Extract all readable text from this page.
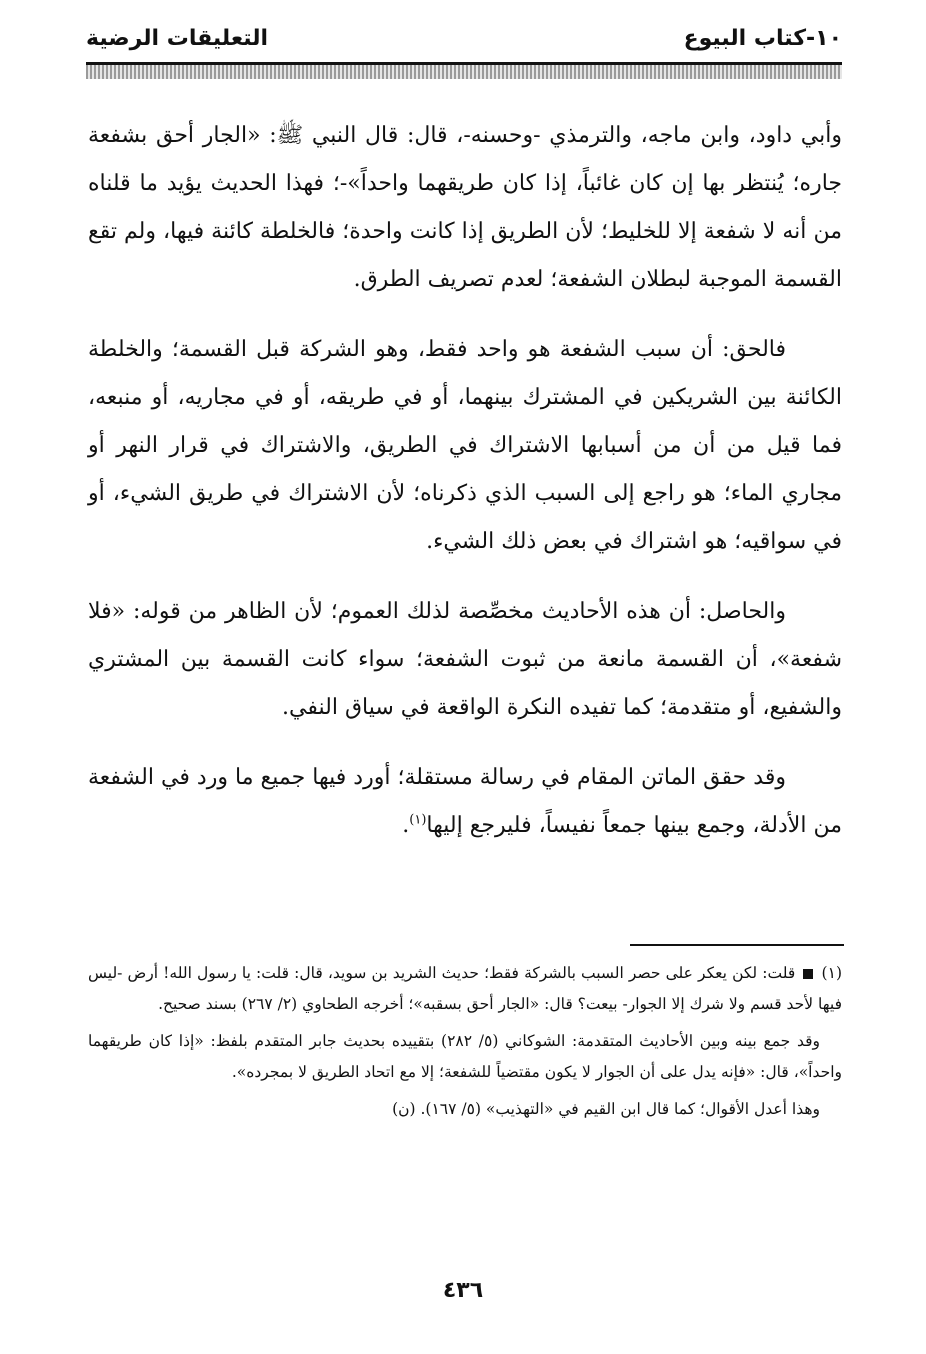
١٠-كتاب البيوع
التعليقات الرضية

وأبي داود، وابن ماجه، والترمذي -وحسنه-، قال: قال النبي ﷺ: «الجار أحق بشفعة جاره؛ يُنتظر بها إن كان غائباً، إذا كان طريقهما واحداً»-؛ فهذا الحديث يؤيد ما قلناه من أنه لا شفعة إلا للخليط؛ لأن الطريق إذا كانت واحدة؛ فالخلطة كائنة فيها، ولم تقع القسمة الموجبة لبطلان الشفعة؛ لعدم تصريف الطرق.

فالحق: أن سبب الشفعة هو واحد فقط، وهو الشركة قبل القسمة؛ والخلطة الكائنة بين الشريكين في المشترك بينهما، أو في طريقه، أو في مجاريه، أو منبعه، فما قيل من أن من أسبابها الاشتراك في الطريق، والاشتراك في قرار النهر أو مجاري الماء؛ هو راجع إلى السبب الذي ذكرناه؛ لأن الاشتراك في طريق الشيء، أو في سواقيه؛ هو اشتراك في بعض ذلك الشيء.

والحاصل: أن هذه الأحاديث مخصِّصة لذلك العموم؛ لأن الظاهر من قوله: «فلا شفعة»، أن القسمة مانعة من ثبوت الشفعة؛ سواء كانت القسمة بين المشتري والشفيع، أو متقدمة؛ كما تفيده النكرة الواقعة في سياق النفي.

وقد حقق الماتن المقام في رسالة مستقلة؛ أورد فيها جميع ما ورد في الشفعة من الأدلة، وجمع بينها جمعاً نفيساً، فليرجع إليها$^{(١)}$.

(١)  قلت: لكن يعكر على حصر السبب بالشركة فقط؛ حديث الشريد بن سويد، قال: قلت: يا رسول الله! أرض -ليس فيها لأحد قسم ولا شرك إلا الجوار- بيعت؟ قال: «الجار أحق بسقبه»؛ أخرجه الطحاوي (٢/ ٢٦٧) بسند صحيح.

وقد جمع بينه وبين الأحاديث المتقدمة: الشوكاني (٥/ ٢٨٢) بتقييده بحديث جابر المتقدم بلفظ: «إذا كان طريقهما واحداً»، قال: «فإنه يدل على أن الجوار لا يكون مقتضياً للشفعة؛ إلا مع اتحاد الطريق لا بمجرده».

وهذا أعدل الأقوال؛ كما قال ابن القيم في «التهذيب» (٥/ ١٦٧). (ن)

٤٣٦
